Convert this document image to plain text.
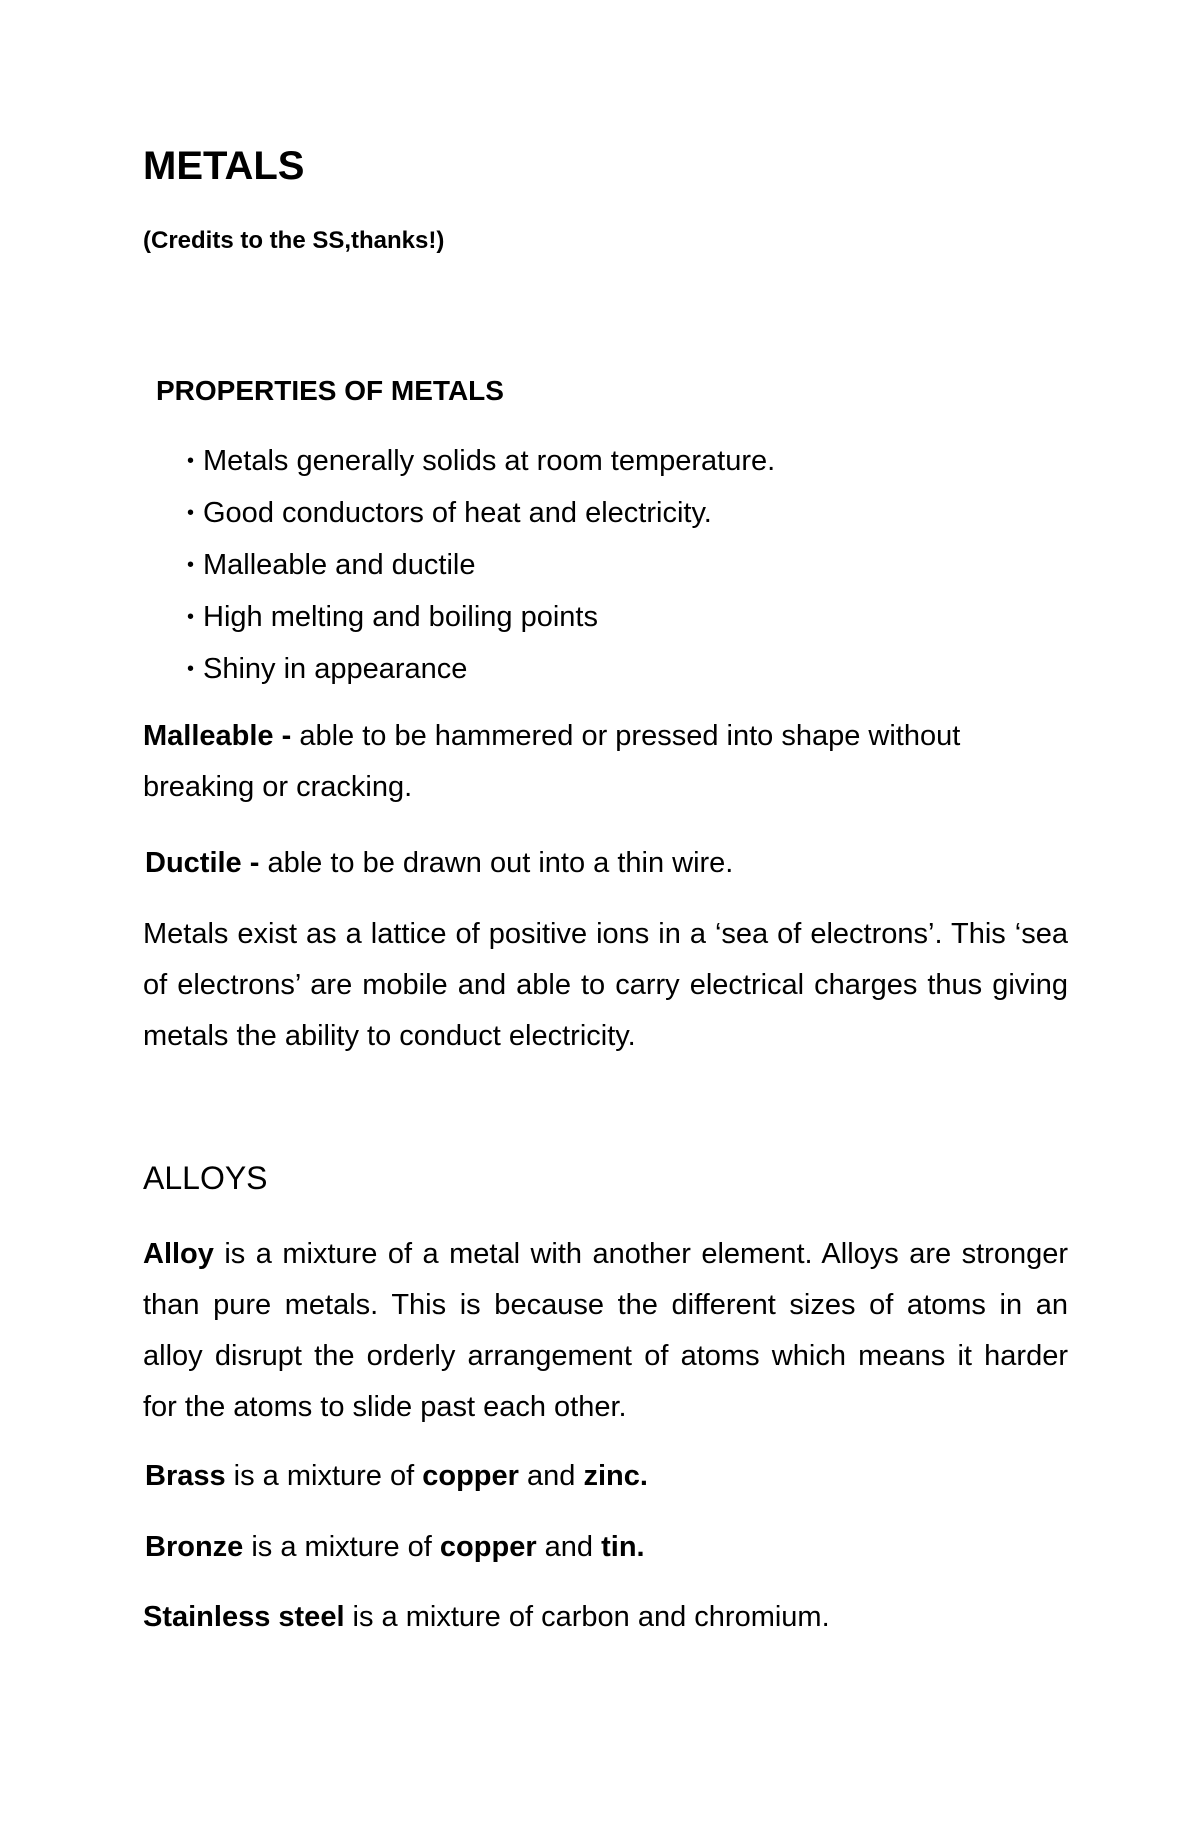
METALS
(Credits to the SS,thanks!)
PROPERTIES OF METALS
• Metals generally solids at room temperature.
• Good conductors of heat and electricity.
• Malleable and ductile
• High melting and boiling points
• Shiny in appearance

Malleable - able to be hammered or pressed into shape without breaking or cracking.

Ductile - able to be drawn out into a thin wire.

Metals exist as a lattice of positive ions in a ‘sea of electrons’. This ‘sea of electrons’ are mobile and able to carry electrical charges thus giving metals the ability to conduct electricity.

ALLOYS

Alloy is a mixture of a metal with another element. Alloys are stronger than pure metals. This is because the different sizes of atoms in an alloy disrupt the orderly arrangement of atoms which means it harder for the atoms to slide past each other.

Brass is a mixture of copper and zinc.

Bronze is a mixture of copper and tin.

Stainless steel is a mixture of carbon and chromium.
